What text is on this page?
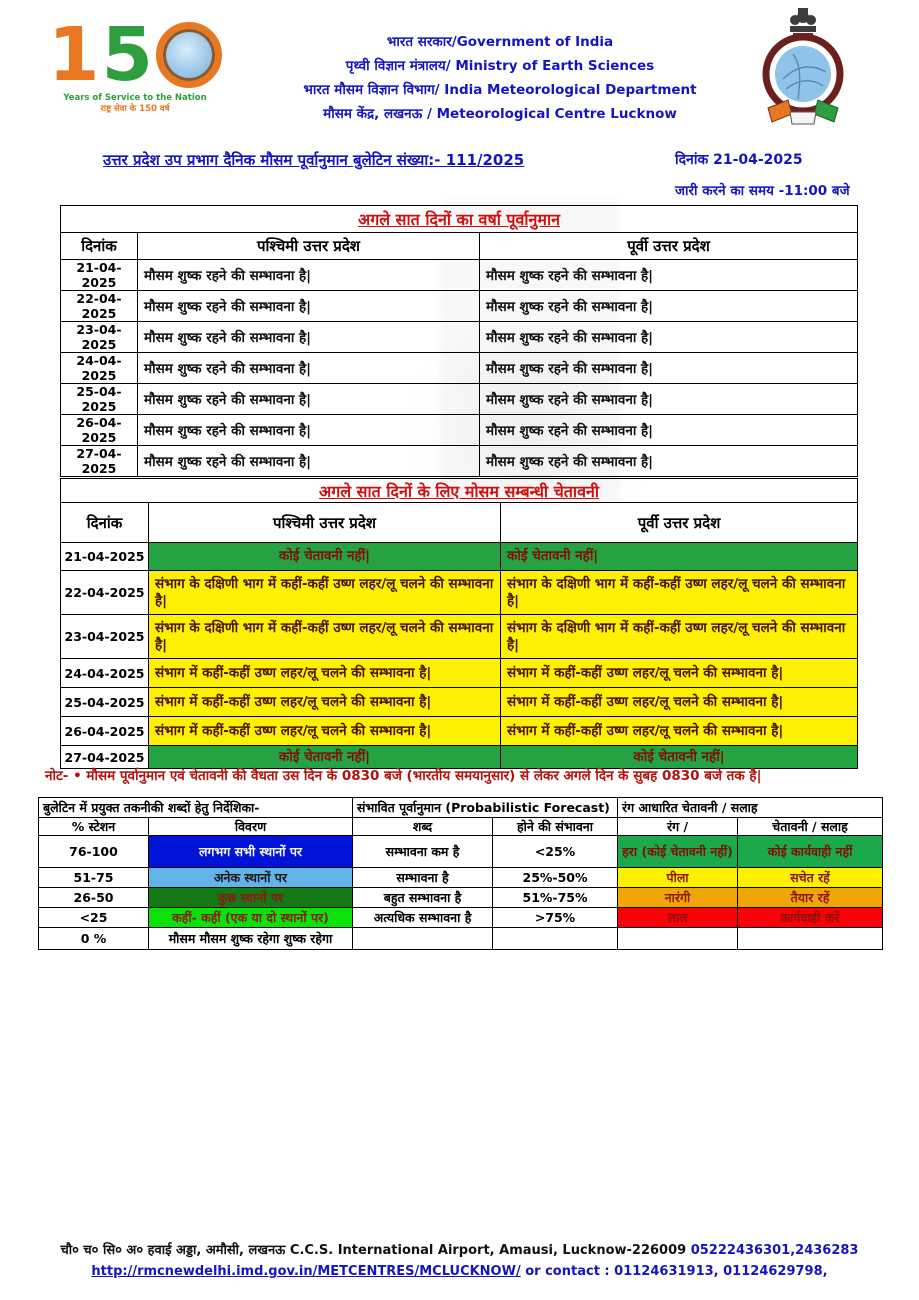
1 5
Years of Service to the Nation
राष्ट्र सेवा के 150 वर्ष
भारत सरकार/Government of India
पृथ्वी विज्ञान मंत्रालय/ Ministry of Earth Sciences
भारत मौसम विज्ञान विभाग/ India Meteorological Department
मौसम केंद्र, लखनऊ / Meteorological Centre Lucknow
उत्तर प्रदेश उप प्रभाग दैनिक मौसम पूर्वानुमान बुलेटिन संख्या:- 111/2025	दिनांक 21-04-2025
जारी करने का समय -11:00 बजे
अगले सात दिनों का वर्षा पूर्वानुमान		
दिनांक	पश्चिमी उत्तर प्रदेश	पूर्वी उत्तर प्रदेश
21-04-2025	मौसम शुष्क रहने की सम्भावना है|	मौसम शुष्क रहने की सम्भावना है|
22-04-2025	मौसम शुष्क रहने की सम्भावना है|	मौसम शुष्क रहने की सम्भावना है|
23-04-2025	मौसम शुष्क रहने की सम्भावना है|	मौसम शुष्क रहने की सम्भावना है|
24-04-2025	मौसम शुष्क रहने की सम्भावना है|	मौसम शुष्क रहने की सम्भावना है|
25-04-2025	मौसम शुष्क रहने की सम्भावना है|	मौसम शुष्क रहने की सम्भावना है|
26-04-2025	मौसम शुष्क रहने की सम्भावना है|	मौसम शुष्क रहने की सम्भावना है|
27-04-2025	मौसम शुष्क रहने की सम्भावना है|	मौसम शुष्क रहने की सम्भावना है|
अगले सात दिनों के लिए मोसम सम्बन्धी चेतावनी		
दिनांक	पश्चिमी उत्तर प्रदेश	पूर्वी उत्तर प्रदेश
21-04-2025	कोई चेतावनी नहीं|	कोई चेतावनी नहीं|
22-04-2025	संभाग के दक्षिणी भाग में कहीं-कहीं उष्ण लहर/लू चलने की सम्भावना है|	संभाग के दक्षिणी भाग में कहीं-कहीं उष्ण लहर/लू चलने की सम्भावना है|
23-04-2025	संभाग के दक्षिणी भाग में कहीं-कहीं उष्ण लहर/लू चलने की सम्भावना है|	संभाग के दक्षिणी भाग में कहीं-कहीं उष्ण लहर/लू चलने की सम्भावना है|
24-04-2025	संभाग में कहीं-कहीं उष्ण लहर/लू चलने की सम्भावना है|	संभाग में कहीं-कहीं उष्ण लहर/लू चलने की सम्भावना है|
25-04-2025	संभाग में कहीं-कहीं उष्ण लहर/लू चलने की सम्भावना है|	संभाग में कहीं-कहीं उष्ण लहर/लू चलने की सम्भावना है|
26-04-2025	संभाग में कहीं-कहीं उष्ण लहर/लू चलने की सम्भावना है|	संभाग में कहीं-कहीं उष्ण लहर/लू चलने की सम्भावना है|
27-04-2025	कोई चेतावनी नहीं|	कोई चेतावनी नहीं|
नोट- • मौसम पूर्वानुमान एवं चेतावनी की वैधता उस दिन के 0830 बजे (भारतीय समयानुसार) से लेकर अगले दिन के सुबह 0830 बजे तक है|
बुलेटिन में प्रयुक्त तकनीकी शब्दों हेतु निर्देशिका-		संभावित पूर्वानुमान (Probabilistic Forecast)		रंग आधारित चेतावनी / सलाह	
% स्टेशन	विवरण	शब्द	होने की संभावना	रंग /	चेतावनी / सलाह
76-100	लगभग सभी स्थानों पर	सम्भावना कम है	<25%	हरा (कोई चेतावनी नहीं)	कोई कार्यवाही नहीं
51-75	अनेक स्थानों पर	सम्भावना है	25%-50%	पीला	सचेत रहें
26-50	कुछ स्थानों पर	बहुत सम्भावना है	51%-75%	नारंगी	तैयार रहें
<25	कहीं- कहीं (एक या दो स्थानों पर)	अत्यधिक सम्भावना है	>75%	लाल	कार्यवाही करें
0 %	मौसम मौसम शुष्क रहेगा शुष्क रहेगा				
चौ० च० सि० अ० हवाई अड्डा, अमौसी, लखनऊ C.C.S. International Airport, Amausi, Lucknow-226009 05222436301,2436283
http://rmcnewdelhi.imd.gov.in/METCENTRES/MCLUCKNOW/ or contact : 01124631913, 01124629798,
